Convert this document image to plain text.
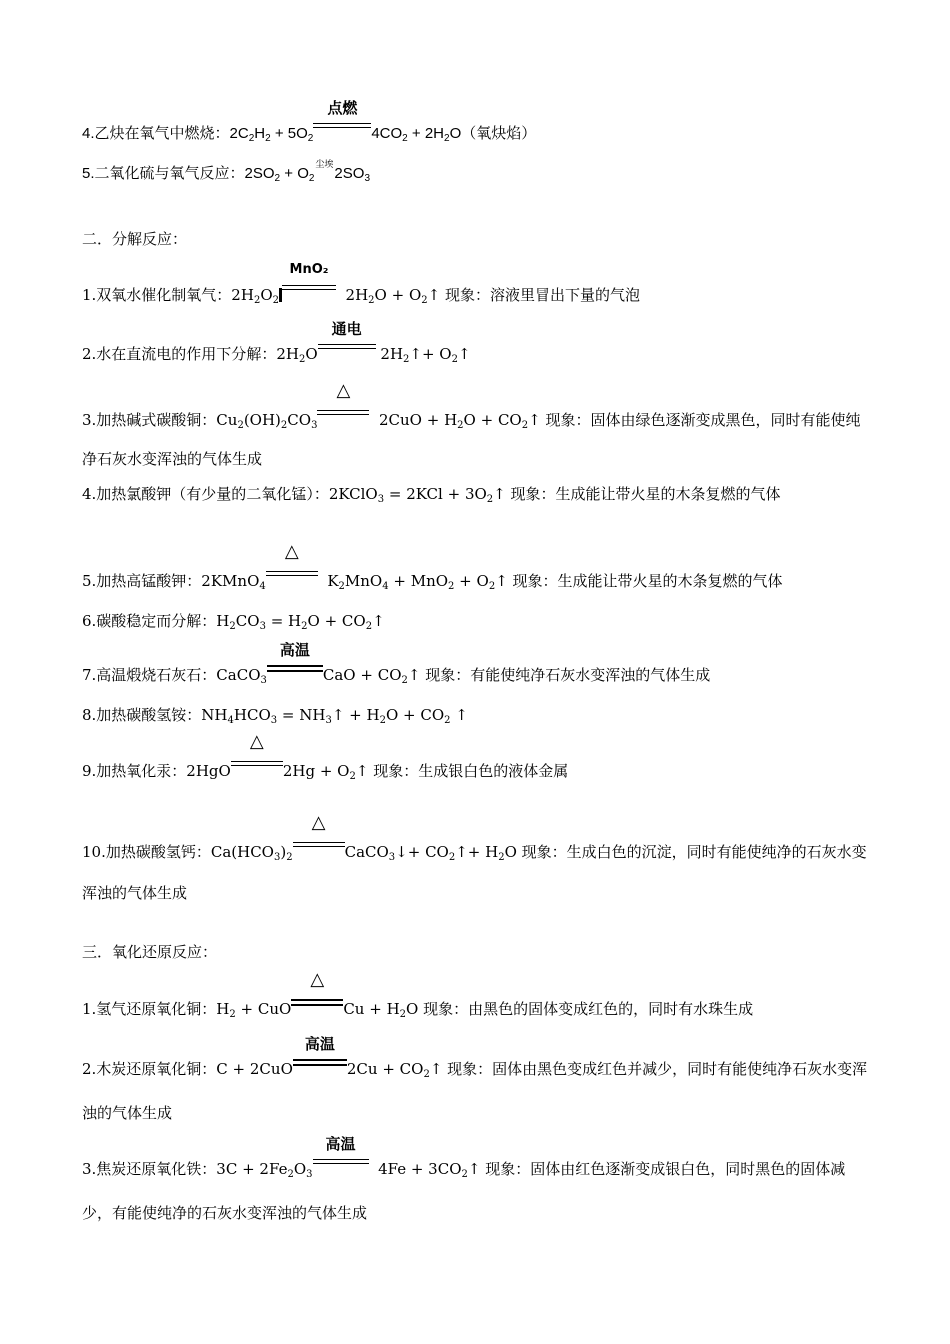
4.乙炔在氧气中燃烧：$2C_2H_2 + 5O_2$
点燃
$4CO_2 + 2H_2O$（氧炔焰）
5.二氧化硫与氧气反应：$2SO_2 + O_2$
尘埃 $2SO_3$
二．分解反应：
1.双氧水催化制氧气：$2H_2O_2$
MnO₂
$2H_2O$ + $O_2↑$ 现象：溶液里冒出下量的气泡
2.水在直流电的作用下分解：$2H_2O$
通电
$2H_2↑+$ $O_2↑$
3.加热碱式碳酸铜：$Cu_2(OH)_2CO_3$
△
$2CuO + H_2O$ + $CO_2↑$ 现象：固体由绿色逐渐变成黑色，同时有能使纯净石灰水变浑浊的气体生成
4.加热氯酸钾（有少量的二氧化锰）：2KClO$_3$ = $2KCl + 3O_2↑$ 现象：生成能让带火星的木条复燃的气体
5.加热高锰酸钾：2KMnO$_4$
△
$K_2MnO_4 + MnO_2$ + $O_2↑$ 现象：生成能让带火星的木条复燃的气体
6.碳酸稳定而分解：$H_2CO_3 = H_2O$ + $CO_2↑$
7.高温煅烧石灰石：CaCO$_3$
高温
CaO + $CO_2↑$ 现象：有能使纯净石灰水变浑浊的气体生成
8.加热碳酸氢铵：$NH_4HCO_3$ = $NH_3↑ + H_2O + CO_2$ ↑
9.加热氧化汞：2HgO
△
$2Hg + O_2↑$ 现象：生成银白色的液体金属
10.加热碳酸氢钙：$Ca(HCO_3)_2$
△
CaCO$_3$↓+ $CO_2↑+ H_2O$ 现象：生成白色的沉淀，同时有能使纯净的石灰水变浑浊的气体生成
三．氧化还原反应：
1.氢气还原氧化铜：$H_2$ + CuO
△
$Cu + H_2O$ 现象：由黑色的固体变成红色的，同时有水珠生成
2.木炭还原氧化铜：C + 2CuO
高温
$2Cu + CO_2↑$ 现象：固体由黑色变成红色并减少，同时有能使纯净石灰水变浑浊的气体生成
3.焦炭还原氧化铁：$3C + 2Fe_2O_3$
高温
$4Fe + 3CO_2↑$ 现象：固体由红色逐渐变成银白色，同时黑色的固体减少，有能使纯净的石灰水变浑浊的气体生成
